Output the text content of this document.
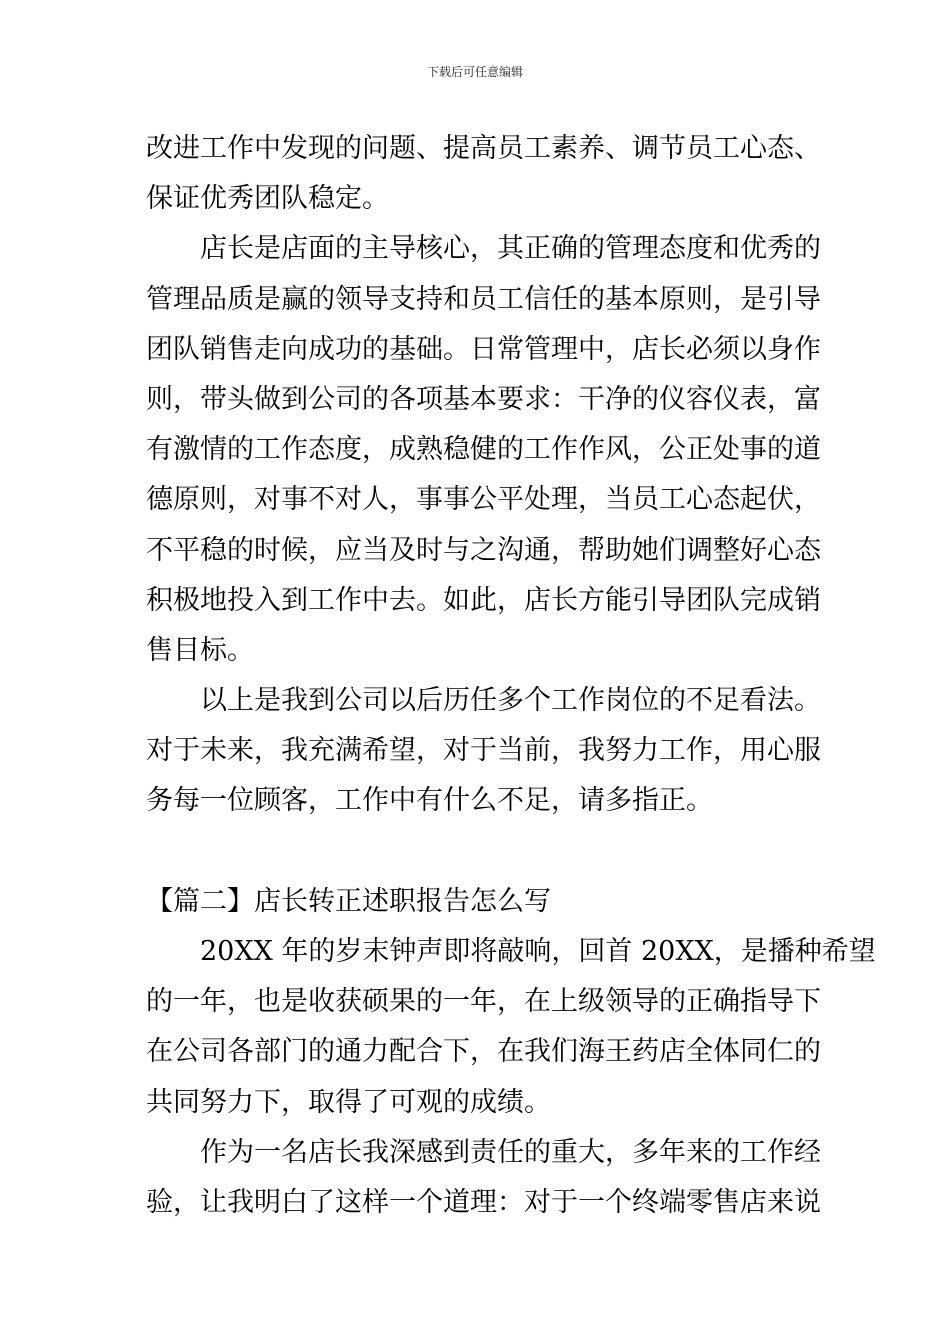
下载后可任意编辑
改进工作中发现的问题、提高员工素养、调节员工心态、
保证优秀团队稳定。
店长是店面的主导核心，其正确的管理态度和优秀的
管理品质是赢的领导支持和员工信任的基本原则，是引导
团队销售走向成功的基础。日常管理中，店长必须以身作
则，带头做到公司的各项基本要求：干净的仪容仪表，富
有激情的工作态度，成熟稳健的工作作风，公正处事的道
德原则，对事不对人，事事公平处理，当员工心态起伏，
不平稳的时候，应当及时与之沟通，帮助她们调整好心态
积极地投入到工作中去。如此，店长方能引导团队完成销
售目标。
以上是我到公司以后历任多个工作岗位的不足看法。
对于未来，我充满希望，对于当前，我努力工作，用心服
务每一位顾客，工作中有什么不足，请多指正。
【篇二】店长转正述职报告怎么写
20XX 年的岁末钟声即将敲响，回首 20XX，是播种希望
的一年，也是收获硕果的一年，在上级领导的正确指导下
在公司各部门的通力配合下，在我们海王药店全体同仁的
共同努力下，取得了可观的成绩。
作为一名店长我深感到责任的重大，多年来的工作经
验，让我明白了这样一个道理：对于一个终端零售店来说
